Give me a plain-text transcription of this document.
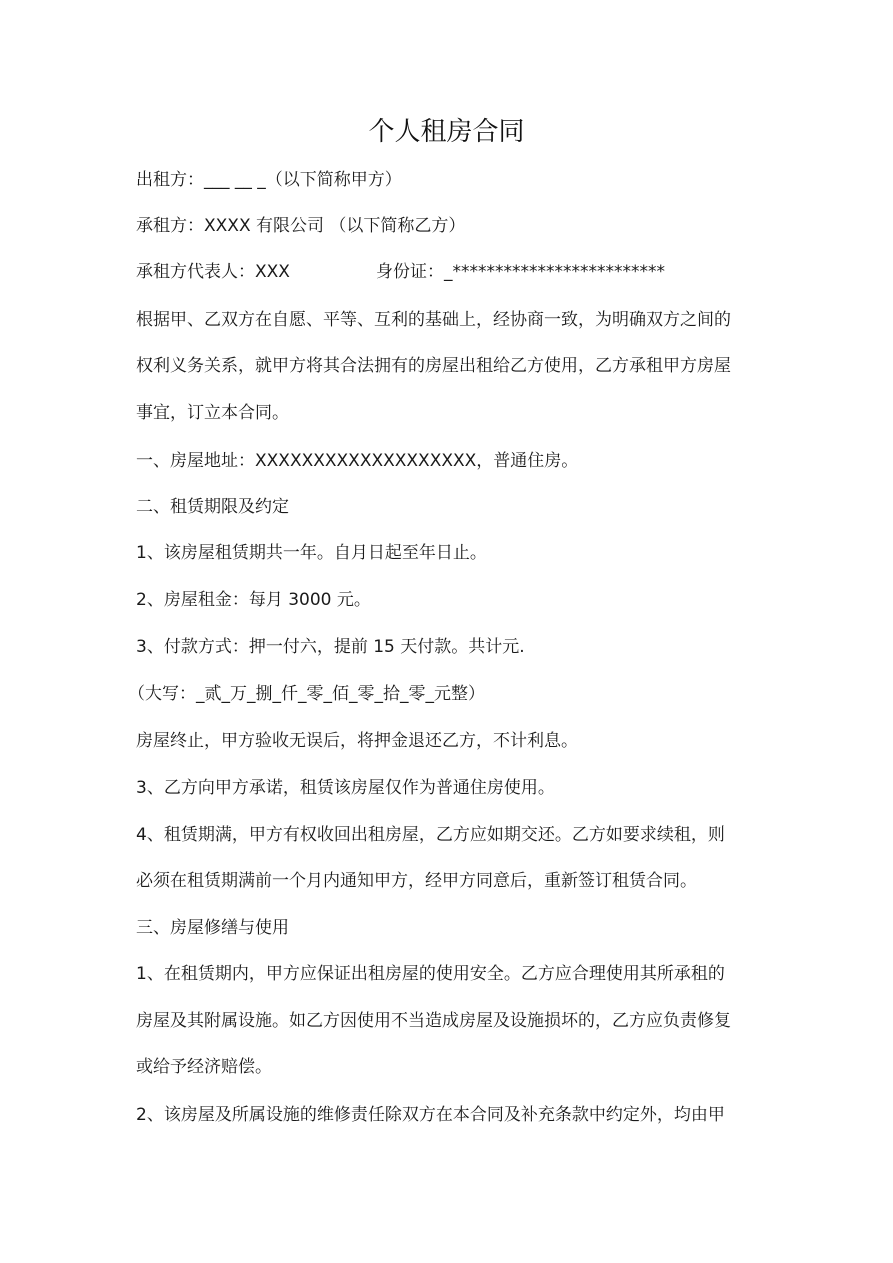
个人租房合同
出租方：___ __ _（以下简称甲方）
承租方：XXXX 有限公司 （以下简称乙方）
承租方代表人：XXX	身份证：_*************************
根据甲、乙双方在自愿、平等、互利的基础上，经协商一致，为明确双方之间的
权利义务关系，就甲方将其合法拥有的房屋出租给乙方使用，乙方承租甲方房屋
事宜，订立本合同。
一、房屋地址：XXXXXXXXXXXXXXXXXXX，普通住房。
二、租赁期限及约定
1、该房屋租赁期共一年。自月日起至年日止。
2、房屋租金：每月 3000 元。
3、付款方式：押一付六，提前 15 天付款。共计元.
（大写：_贰_万_捌_仟_零_佰_零_拾_零_元整）
房屋终止，甲方验收无误后，将押金退还乙方，不计利息。
3、乙方向甲方承诺，租赁该房屋仅作为普通住房使用。
4、租赁期满，甲方有权收回出租房屋，乙方应如期交还。乙方如要求续租，则
必须在租赁期满前一个月内通知甲方，经甲方同意后，重新签订租赁合同。
三、房屋修缮与使用
1、在租赁期内，甲方应保证出租房屋的使用安全。乙方应合理使用其所承租的
房屋及其附属设施。如乙方因使用不当造成房屋及设施损坏的，乙方应负责修复
或给予经济赔偿。
2、该房屋及所属设施的维修责任除双方在本合同及补充条款中约定外，均由甲
